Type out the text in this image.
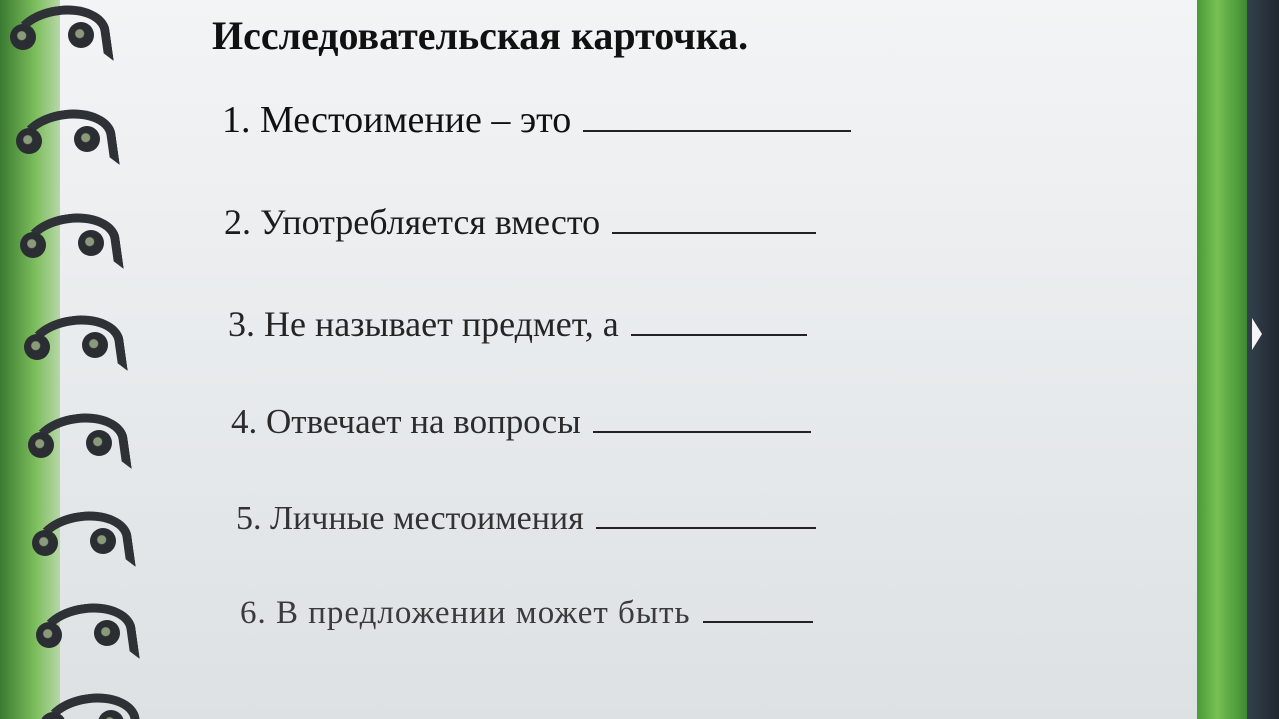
Исследовательская карточка.
1. Местоимение – это
2. Употребляется вместо
3. Не называет предмет, а
4. Отвечает на вопросы
5. Личные местоимения
6. В предложении может быть
